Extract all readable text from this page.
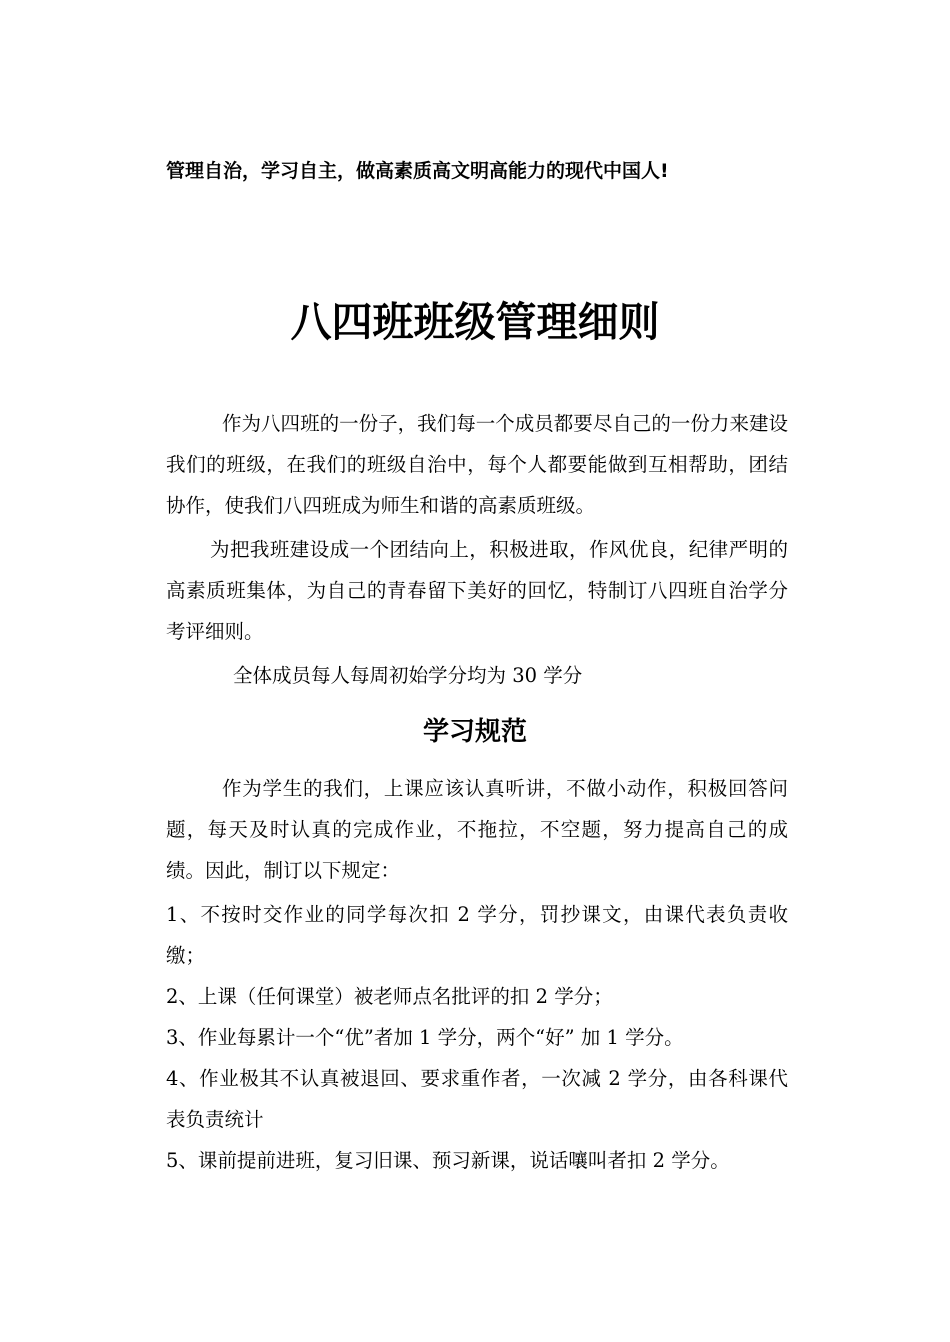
管理自治，学习自主，做高素质高文明高能力的现代中国人!
八四班班级管理细则

作为八四班的一份子，我们每一个成员都要尽自己的一份力来建设我们的班级，在我们的班级自治中，每个人都要能做到互相帮助，团结协作，使我们八四班成为师生和谐的高素质班级。

为把我班建设成一个团结向上，积极进取，作风优良，纪律严明的高素质班集体，为自己的青春留下美好的回忆，特制订八四班自治学分考评细则。

全体成员每人每周初始学分均为 30 学分

学习规范

作为学生的我们，上课应该认真听讲，不做小动作，积极回答问题，每天及时认真的完成作业，不拖拉，不空题，努力提高自己的成绩。因此，制订以下规定：

1、不按时交作业的同学每次扣 2 学分，罚抄课文，由课代表负责收缴；
2、上课（任何课堂）被老师点名批评的扣 2 学分；
3、作业每累计一个“优”者加 1 学分，两个“好” 加 1 学分。
4、作业极其不认真被退回、要求重作者，一次减 2 学分，由各科课代表负责统计
5、课前提前进班，复习旧课、预习新课，说话嚷叫者扣 2 学分。
